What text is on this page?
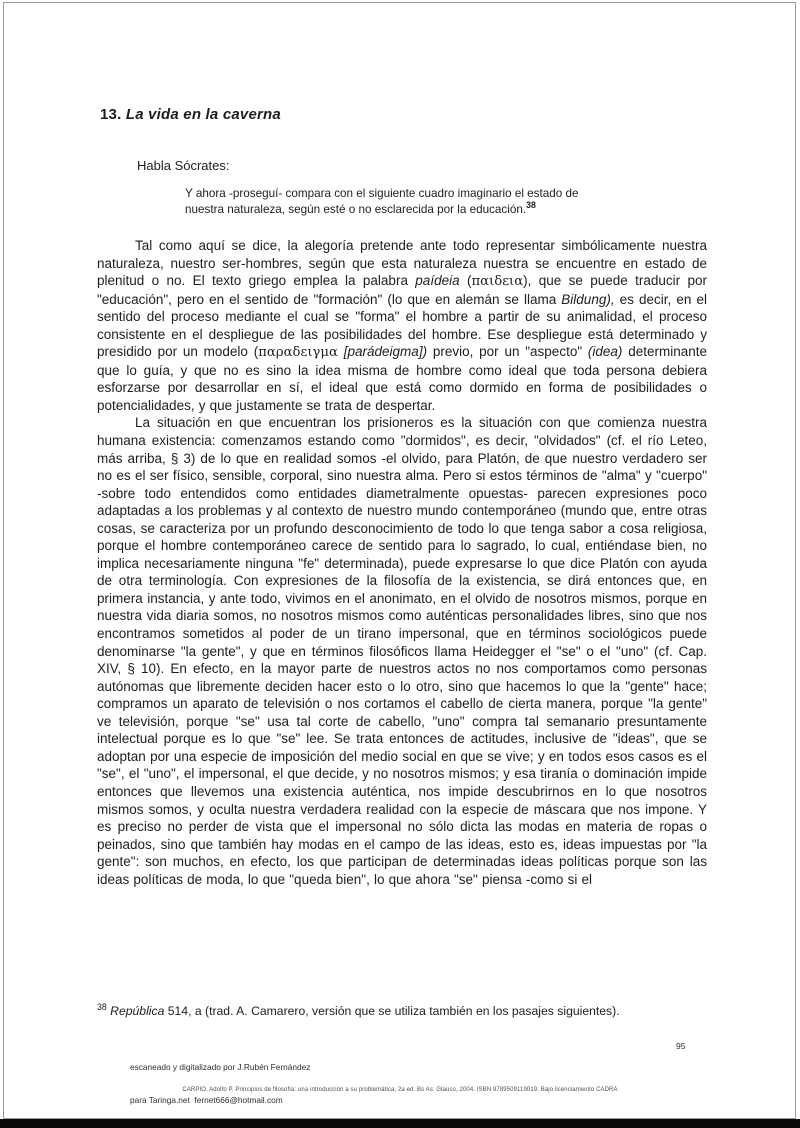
13. La vida en la caverna
Habla Sócrates:
Y ahora -proseguí- compara con el siguiente cuadro imaginario el estado de
nuestra naturaleza, según esté o no esclarecida por la educación.$^{38}$

Tal como aquí se dice, la alegoría pretende ante todo representar simbólicamente nuestra naturaleza, nuestro ser-hombres, según que esta naturaleza nuestra se encuentre en estado de plenitud o no. El texto griego emplea la palabra paídeia (παιδεια), que se puede traducir por "educación", pero en el sentido de "formación" (lo que en alemán se llama Bildung), es decir, en el sentido del proceso mediante el cual se "forma" el hombre a partir de su animalidad, el proceso consistente en el despliegue de las posibilidades del hombre. Ese despliegue está determinado y presidido por un modelo (παραδειγμα [parádeigma]) previo, por un "aspecto" (idea) determinante que lo guía, y que no es sino la idea misma de hombre como ideal que toda persona debiera esforzarse por desarrollar en sí, el ideal que está como dormido en forma de posibilidades o potencialidades, y que justamente se trata de despertar.

La situación en que encuentran los prisioneros es la situación con que comienza nuestra humana existencia: comenzamos estando como "dormidos", es decir, "olvidados" (cf. el río Leteo, más arriba, § 3) de lo que en realidad somos -el olvido, para Platón, de que nuestro verdadero ser no es el ser físico, sensible, corporal, sino nuestra alma. Pero si estos términos de "alma" y "cuerpo" -sobre todo entendidos como entidades diametralmente opuestas- parecen expresiones poco adaptadas a los problemas y al contexto de nuestro mundo contemporáneo (mundo que, entre otras cosas, se caracteriza por un profundo desconocimiento de todo lo que tenga sabor a cosa religiosa, porque el hombre contemporáneo carece de sentido para lo sagrado, lo cual, entiéndase bien, no implica necesariamente ninguna "fe" determinada), puede expresarse lo que dice Platón con ayuda de otra terminología. Con expresiones de la filosofía de la existencia, se dirá entonces que, en primera instancia, y ante todo, vivimos en el anonimato, en el olvido de nosotros mismos, porque en nuestra vida diaria somos, no nosotros mismos como auténticas personalidades libres, sino que nos encontramos sometidos al poder de un tirano impersonal, que en términos sociológicos puede denominarse "la gente", y que en términos filosóficos llama Heidegger el "se" o el "uno" (cf. Cap. XIV, § 10). En efecto, en la mayor parte de nuestros actos no nos comportamos como personas autónomas que libremente deciden hacer esto o lo otro, sino que hacemos lo que la "gente" hace; compramos un aparato de televisión o nos cortamos el cabello de cierta manera, porque "la gente" ve televisión, porque "se" usa tal corte de cabello, "uno" compra tal semanario presuntamente intelectual porque es lo que "se" lee. Se trata entonces de actitudes, inclusive de "ideas", que se adoptan por una especie de imposición del medio social en que se vive; y en todos esos casos es el "se", el "uno", el impersonal, el que decide, y no nosotros mismos; y esa tiranía o dominación impide entonces que llevemos una existencia auténtica, nos impide descubrirnos en lo que nosotros mismos somos, y oculta nuestra verdadera realidad con la especie de máscara que nos impone. Y es preciso no perder de vista que el impersonal no sólo dicta las modas en materia de ropas o peinados, sino que también hay modas en el campo de las ideas, esto es, ideas impuestas por "la gente": son muchos, en efecto, los que participan de determinadas ideas políticas porque son las ideas políticas de moda, lo que "queda bien", lo que ahora "se" piensa -como si el

$^{38}$ República 514, a (trad. A. Camarero, versión que se utiliza también en los pasajes siguientes).

escaneado y digitalizado por J.Rubén Fernández

para Taringa.net  fernet666@hotmail.com

95
CARPIO, Adolfo P. Principios de filosofía: una introducción a su problemática, 2a ed. Bs As: Glauco, 2004. ISBN 9789509119019. Bajo licenciamiento CADRA
